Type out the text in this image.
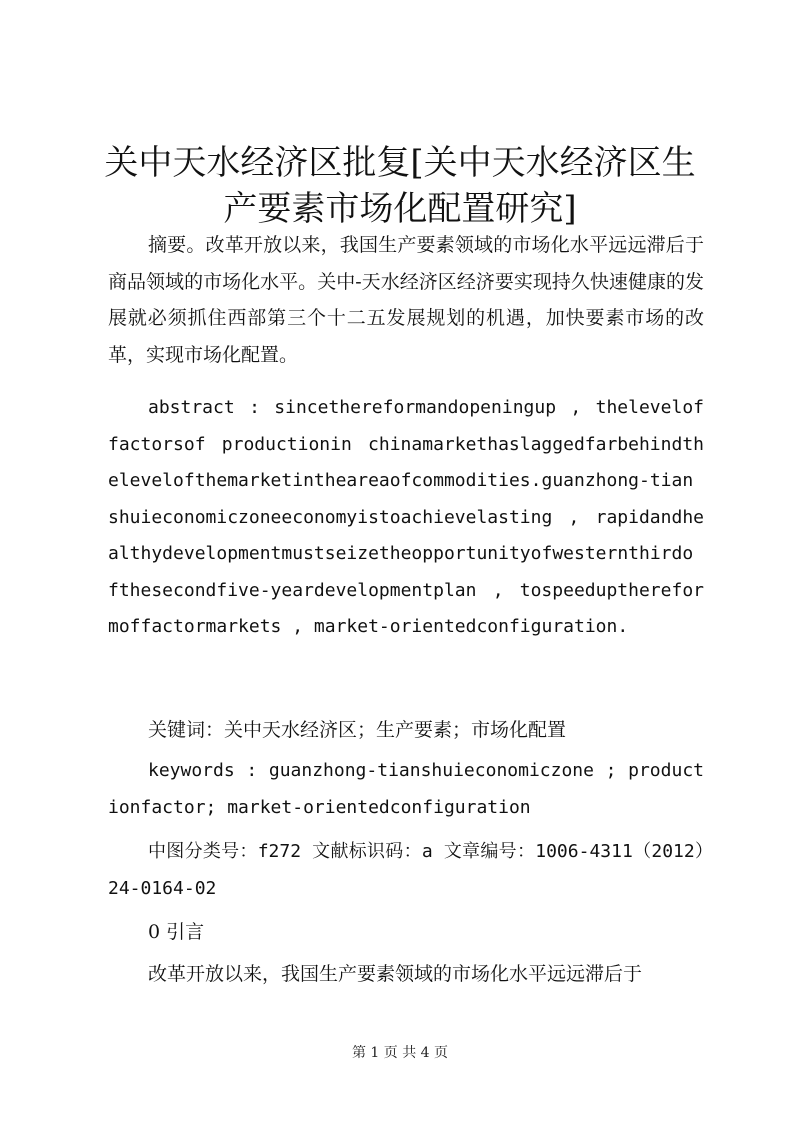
关中天水经济区批复[关中天水经济区生产要素市场化配置研究]

摘要。改革开放以来，我国生产要素领域的市场化水平远远滞后于商品领域的市场化水平。关中-天水经济区经济要实现持久快速健康的发展就必须抓住西部第三个十二五发展规划的机遇，加快要素市场的改革，实现市场化配置。

abstract : sincethereformandopeningup , thelevelof factorsof productionin chinamarkethaslaggedfarbehindthelevelofthemarketintheareaofcommodities.guanzhong-tianshuieconomiczoneeconomyistoachievelasting , rapidandhealthydevelopmentmustseizetheopportunityofwesternthirdofthesecondfive-yeardevelopmentplan , tospeedupthereformoffactormarkets , market-orientedconfiguration.

关键词：关中天水经济区；生产要素；市场化配置

keywords : guanzhong-tianshuieconomiczone ; productionfactor; market-orientedconfiguration

中图分类号：f272 文献标识码：a 文章编号：1006-4311（2012）24-0164-02

0 引言

改革开放以来，我国生产要素领域的市场化水平远远滞后于

第 1 页 共 4 页
